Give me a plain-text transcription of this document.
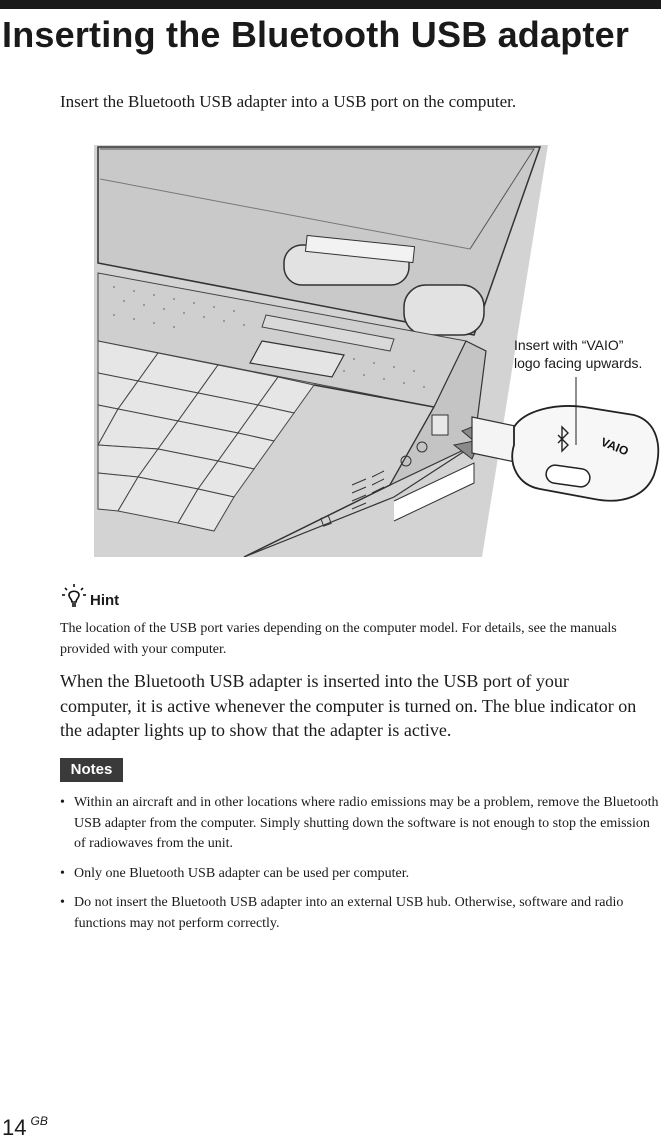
Inserting the Bluetooth USB adapter
Insert the Bluetooth USB adapter into a USB port on the computer.
VAIO
Insert with “VAIO”
logo facing upwards.
Hint
The location of the USB port varies depending on the computer model. For details, see the manuals provided with your computer.
When the Bluetooth USB adapter is inserted into the USB port of your computer, it is active whenever the computer is turned on. The blue indicator on the adapter lights up to show that the adapter is active.
Notes
• Within an aircraft and in other locations where radio emissions may be a problem, remove the Bluetooth USB adapter from the computer. Simply shutting down the software is not enough to stop the emission of radiowaves from the unit.
• Only one Bluetooth USB adapter can be used per computer.
• Do not insert the Bluetooth USB adapter into an external USB hub. Otherwise, software and radio functions may not perform correctly.
14 $^{GB}$
